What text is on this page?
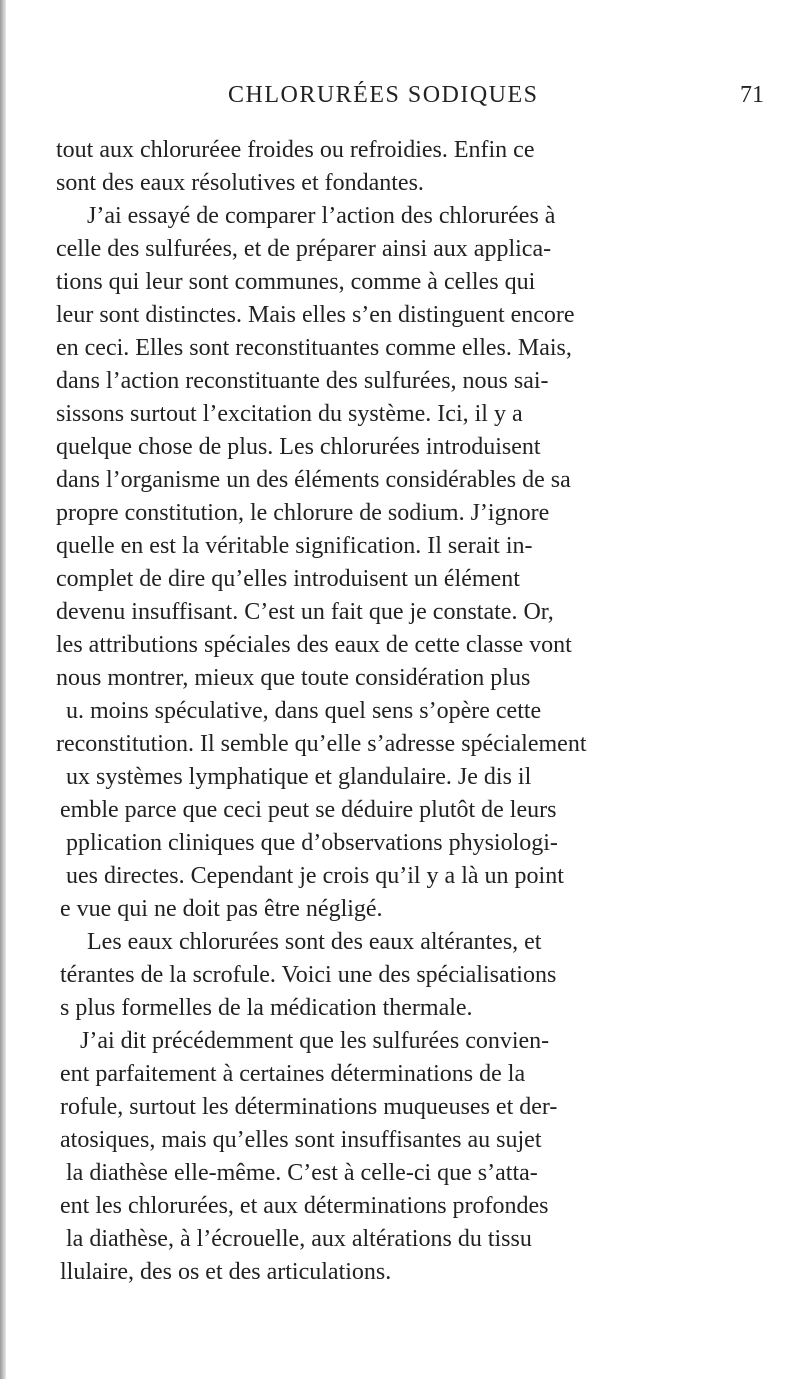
CHLORURÉES SODIQUES	71
tout aux chloruréee froides ou refroidies. Enfin ce
sont des eaux résolutives et fondantes.
J’ai essayé de comparer l’action des chlorurées à
celle des sulfurées, et de préparer ainsi aux applica-
tions qui leur sont communes, comme à celles qui
leur sont distinctes. Mais elles s’en distinguent encore
en ceci. Elles sont reconstituantes comme elles. Mais,
dans l’action reconstituante des sulfurées, nous sai-
sissons surtout l’excitation du système. Ici, il y a
quelque chose de plus. Les chlorurées introduisent
dans l’organisme un des éléments considérables de sa
propre constitution, le chlorure de sodium. J’ignore
quelle en est la véritable signification. Il serait in-
complet de dire qu’elles introduisent un élément
devenu insuffisant. C’est un fait que je constate. Or,
les attributions spéciales des eaux de cette classe vont
nous montrer, mieux que toute considération plus
u. moins spéculative, dans quel sens s’opère cette
reconstitution. Il semble qu’elle s’adresse spécialement
ux systèmes lymphatique et glandulaire. Je dis il
emble parce que ceci peut se déduire plutôt de leurs
pplication cliniques que d’observations physiologi-
ues directes. Cependant je crois qu’il y a là un point
e vue qui ne doit pas être négligé.
Les eaux chlorurées sont des eaux altérantes, et
térantes de la scrofule. Voici une des spécialisations
s plus formelles de la médication thermale.
J’ai dit précédemment que les sulfurées convien-
ent parfaitement à certaines déterminations de la
rofule, surtout les déterminations muqueuses et der-
atosiques, mais qu’elles sont insuffisantes au sujet
la diathèse elle-même. C’est à celle-ci que s’atta-
ent les chlorurées, et aux déterminations profondes
la diathèse, à l’écrouelle, aux altérations du tissu
llulaire, des os et des articulations.
